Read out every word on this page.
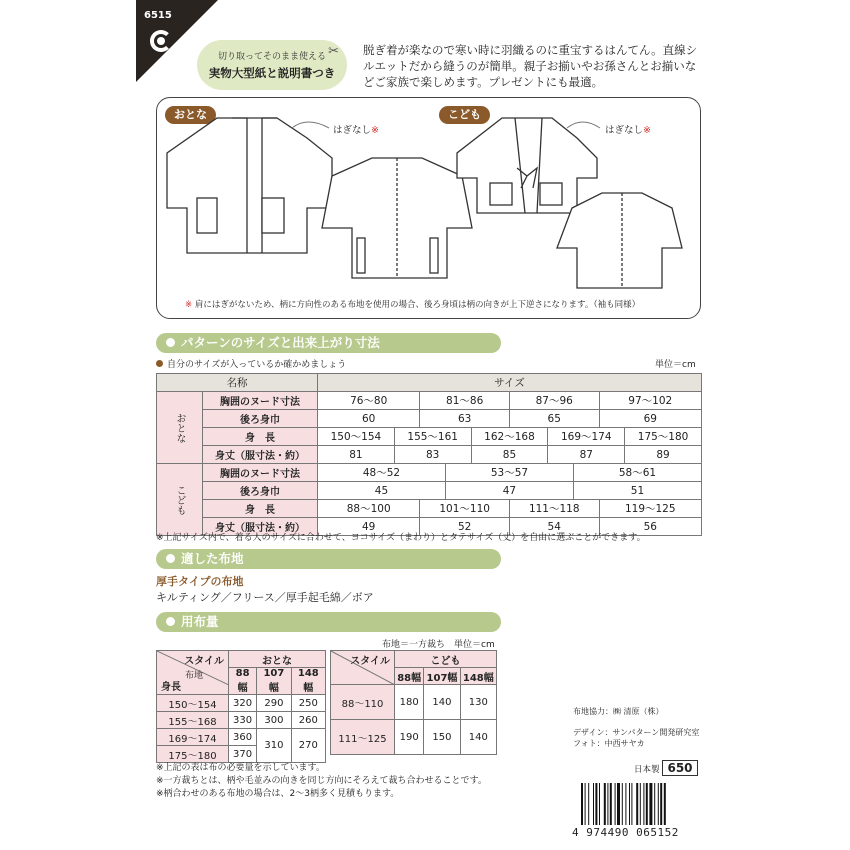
6515
切り取ってそのまま使える
実物大型紙と説明書つき
✂ 脱ぎ着が楽なので寒い時に羽織るのに重宝するはんてん。直線シルエットだから縫うのが簡単。親子お揃いやお孫さんとお揃いなどご家族で楽しめます。プレゼントにも最適。
おとな	こども
はぎなし※	はぎなし※
※ 肩にはぎがないため、柄に方向性のある布地を使用の場合、後ろ身頃は柄の向きが上下逆さになります。（袖も同様）
パターンのサイズと出来上がり寸法
自分のサイズが入っているか確かめましょう	単位＝cm
名称		サイズ									
おとな	胸囲のヌード寸法	76〜80		81〜86			87〜96			97〜102	
	後ろ身巾	60		63			65			69	
	身　長	150〜154	155〜161			162〜168		169〜174			175〜180
	身丈（服寸法・約）	81	83			85		87			89
こども	胸囲のヌード寸法	48〜52			53〜57				58〜61		
	後ろ身巾	45			47				51		
	身　長	88〜100		101〜110			111〜118			119〜125	
	身丈（服寸法・約）	49		52			54			56	
※上記サイズ内で、着る人のサイズに合わせて、ヨコサイズ（まわり）とタテサイズ（丈）を自由に選ぶことができます。
適した布地
厚手タイプの布地
キルティング／フリース／厚手起毛綿／ボア
用布量
布地＝一方裁ち　単位＝cm
スタイル
身長
布地	おとな		
	88幅	107幅	148幅
150〜154	320	290	250
155〜168	330	300	260
169〜174	360	310	270
175〜180	370		
スタイル	こども		
	88幅	107幅	148幅
88〜110	180	140	130
111〜125	190	150	140
※上記の表は布の必要量を示しています。
※一方裁ちとは、柄や毛並みの向きを同じ方向にそろえて裁ち合わせることです。
※柄合わせのある布地の場合は、2〜3柄多く見積もります。
布地協力：㈱ 清原（株）
デザイン：サンパターン開発研究室
フォト：中西サヤカ
日本製 650
4 974490 065152
